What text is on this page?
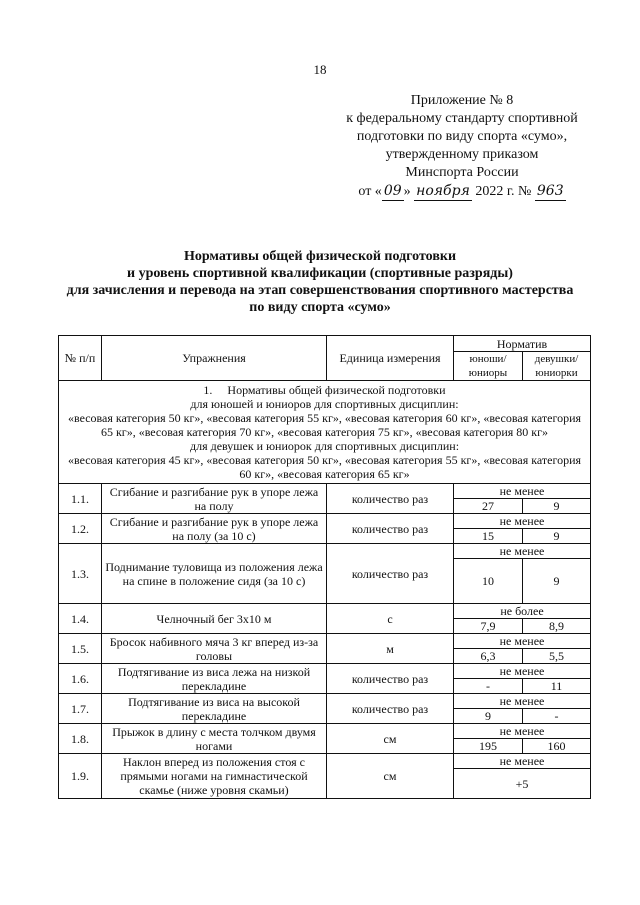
18
Приложение № 8
к федеральному стандарту спортивной
подготовки по виду спорта «сумо»,
утвержденному приказом
Минспорта России
от « 09 » ноября 2022 г. № 963
Нормативы общей физической подготовки
и уровень спортивной квалификации (спортивные разряды)
для зачисления и перевода на этап совершенствования спортивного мастерства
по виду спорта «сумо»
№ п/п	Упражнения	Единица измерения	Норматив	
			юноши/ юниоры	девушки/ юниорки

1. Нормативы общей физической подготовки
для юношей и юниоров для спортивных дисциплин:
«весовая категория 50 кг», «весовая категория 55 кг», «весовая категория 60 кг», «весовая категория 65 кг», «весовая категория 70 кг», «весовая категория 75 кг», «весовая категория 80 кг»
для девушек и юниорок для спортивных дисциплин:
«весовая категория 45 кг», «весовая категория 50 кг», «весовая категория 55 кг», «весовая категория 60 кг», «весовая категория 65 кг»				

1.1.	Сгибание и разгибание рук в упоре лежа на полу	количество раз	не менее	
			27	9
1.2.	Сгибание и разгибание рук в упоре лежа на полу (за 10 с)	количество раз	не менее	
			15	9
1.3.	Поднимание туловища из положения лежа на спине в положение сидя (за 10 с)	количество раз	не менее	
			10	9
1.4.	Челночный бег 3х10 м	с	не более	
			7,9	8,9
1.5.	Бросок набивного мяча 3 кг вперед из-за головы	м	не менее	
			6,3	5,5
1.6.	Подтягивание из виса лежа на низкой перекладине	количество раз	не менее	
			-	11
1.7.	Подтягивание из виса на высокой перекладине	количество раз	не менее	
			9	-
1.8.	Прыжок в длину с места толчком двумя ногами	см	не менее	
			195	160
1.9.	Наклон вперед из положения стоя с прямыми ногами на гимнастической скамье (ниже уровня скамьи)	см	не менее	
			+5	
